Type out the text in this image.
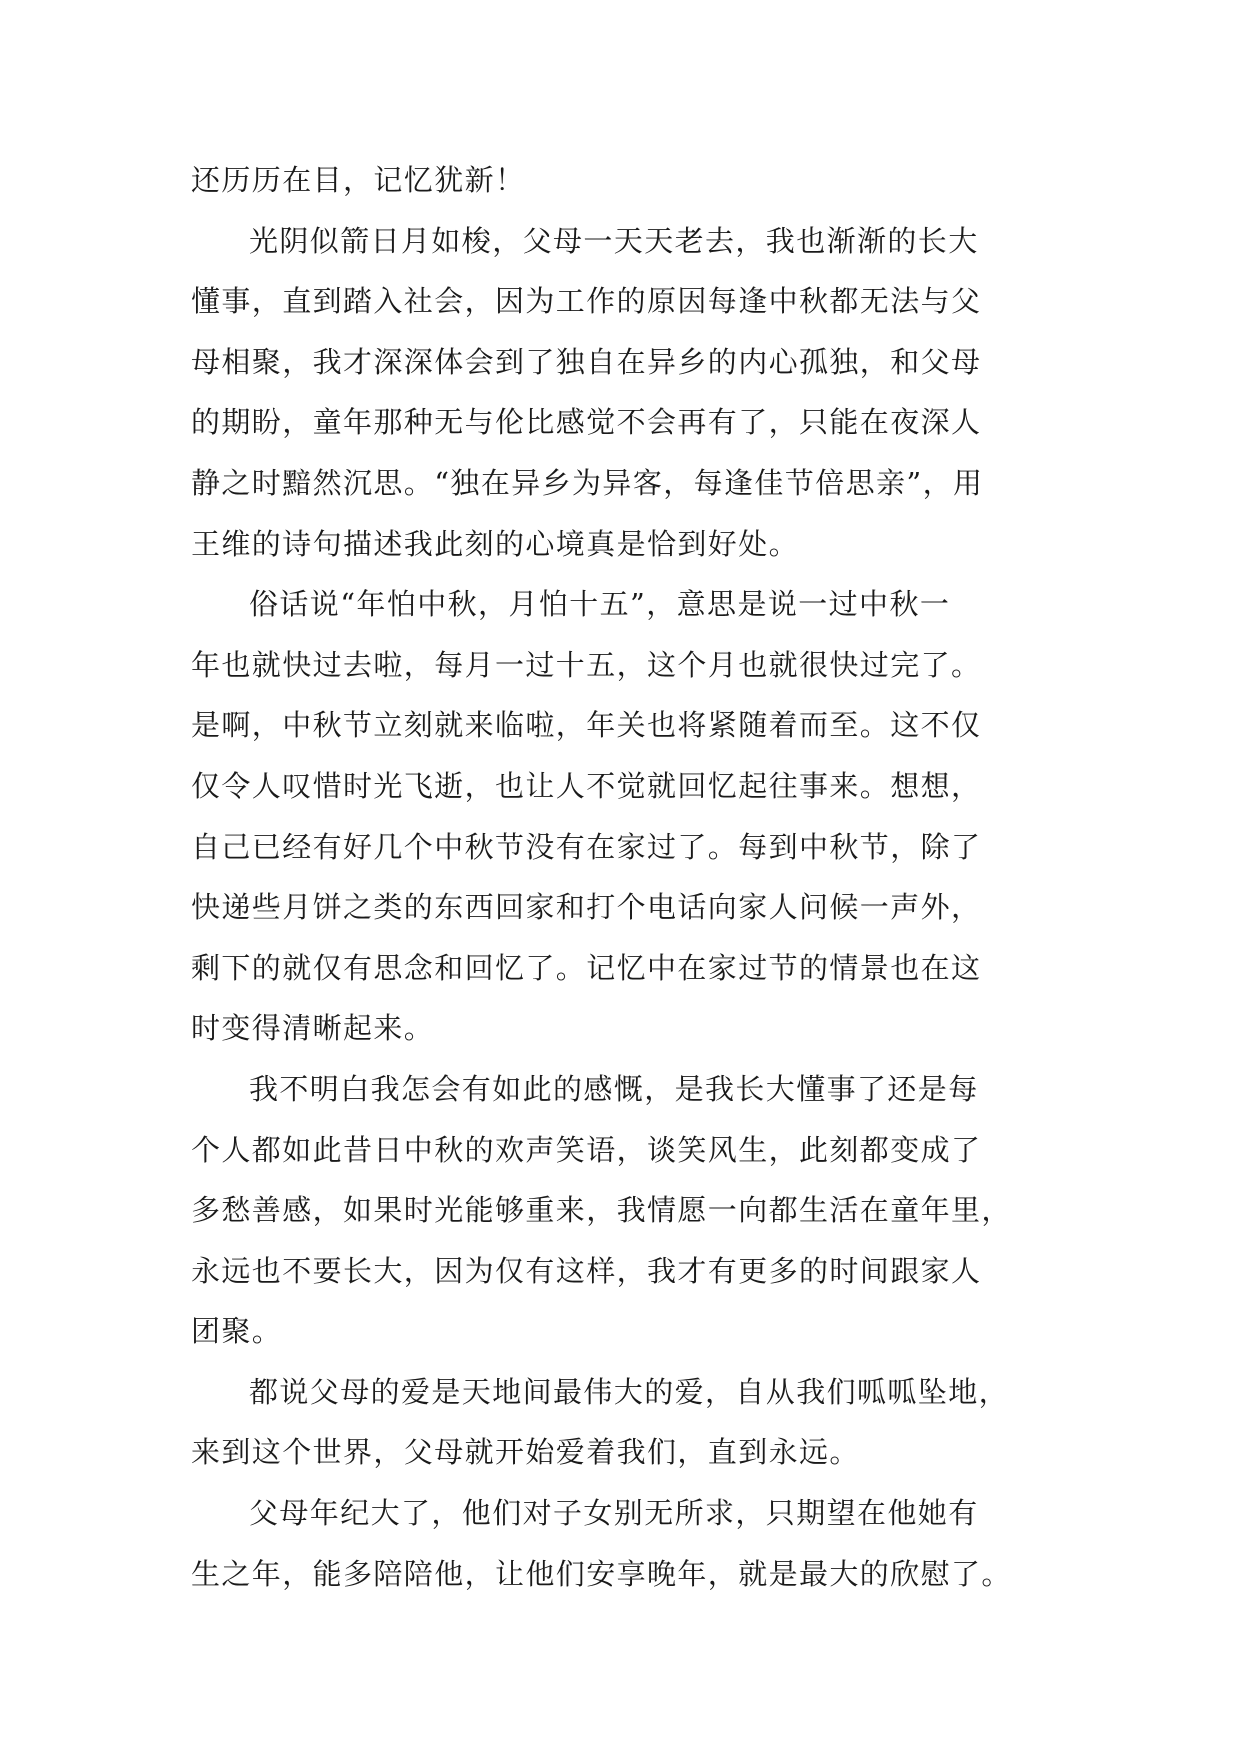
还历历在目，记忆犹新！

光阴似箭日月如梭，父母一天天老去，我也渐渐的长大
懂事，直到踏入社会，因为工作的原因每逢中秋都无法与父
母相聚，我才深深体会到了独自在异乡的内心孤独，和父母
的期盼，童年那种无与伦比感觉不会再有了，只能在夜深人
静之时黯然沉思。“独在异乡为异客，每逢佳节倍思亲”，用
王维的诗句描述我此刻的心境真是恰到好处。

俗话说“年怕中秋，月怕十五”，意思是说一过中秋一
年也就快过去啦，每月一过十五，这个月也就很快过完了。
是啊，中秋节立刻就来临啦，年关也将紧随着而至。这不仅
仅令人叹惜时光飞逝，也让人不觉就回忆起往事来。想想，
自己已经有好几个中秋节没有在家过了。每到中秋节，除了
快递些月饼之类的东西回家和打个电话向家人问候一声外，
剩下的就仅有思念和回忆了。记忆中在家过节的情景也在这
时变得清晰起来。

我不明白我怎会有如此的感慨，是我长大懂事了还是每
个人都如此昔日中秋的欢声笑语，谈笑风生，此刻都变成了
多愁善感，如果时光能够重来，我情愿一向都生活在童年里，
永远也不要长大，因为仅有这样，我才有更多的时间跟家人
团聚。

都说父母的爱是天地间最伟大的爱，自从我们呱呱坠地，
来到这个世界，父母就开始爱着我们，直到永远。

父母年纪大了，他们对子女别无所求，只期望在他她有
生之年，能多陪陪他，让他们安享晚年，就是最大的欣慰了。
